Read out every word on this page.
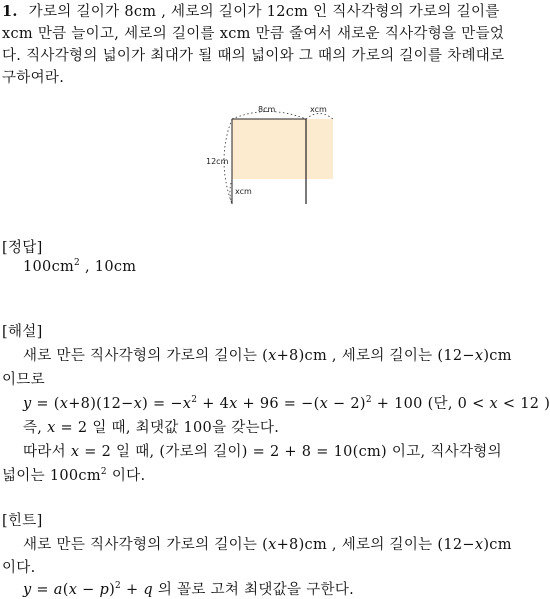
1. 가로의 길이가 8cm , 세로의 길이가 12cm 인 직사각형의 가로의 길이를
xcm 만큼 늘이고, 세로의 길이를 xcm 만큼 줄여서 새로운 직사각형을 만들었
다. 직사각형의 넓이가 최대가 될 때의 넓이와 그 때의 가로의 길이를 차례대로
구하여라.
8cm	xcm
12cm
xcm
[정답]
$100cm^2$ , 10cm
[해설]
새로 만든 직사각형의 가로의 길이는 (x+8)cm , 세로의 길이는 (12−x)cm
이므로
$y = (x+8)(12-x) = -x^2 + 4x + 96 = -(x - 2)^2 + 100$ (단, 0 < x < 12 )
즉, x = 2 일 때, 최댓값 100을 갖는다.
따라서 x = 2 일 때, (가로의 길이) = 2 + 8 = 10(cm) 이고, 직사각형의
넓이는 $100cm^2$ 이다.
[힌트]
새로 만든 직사각형의 가로의 길이는 (x+8)cm , 세로의 길이는 (12−x)cm
이다.
$y = a(x - p)^2 + q$ 의 꼴로 고쳐 최댓값을 구한다.
